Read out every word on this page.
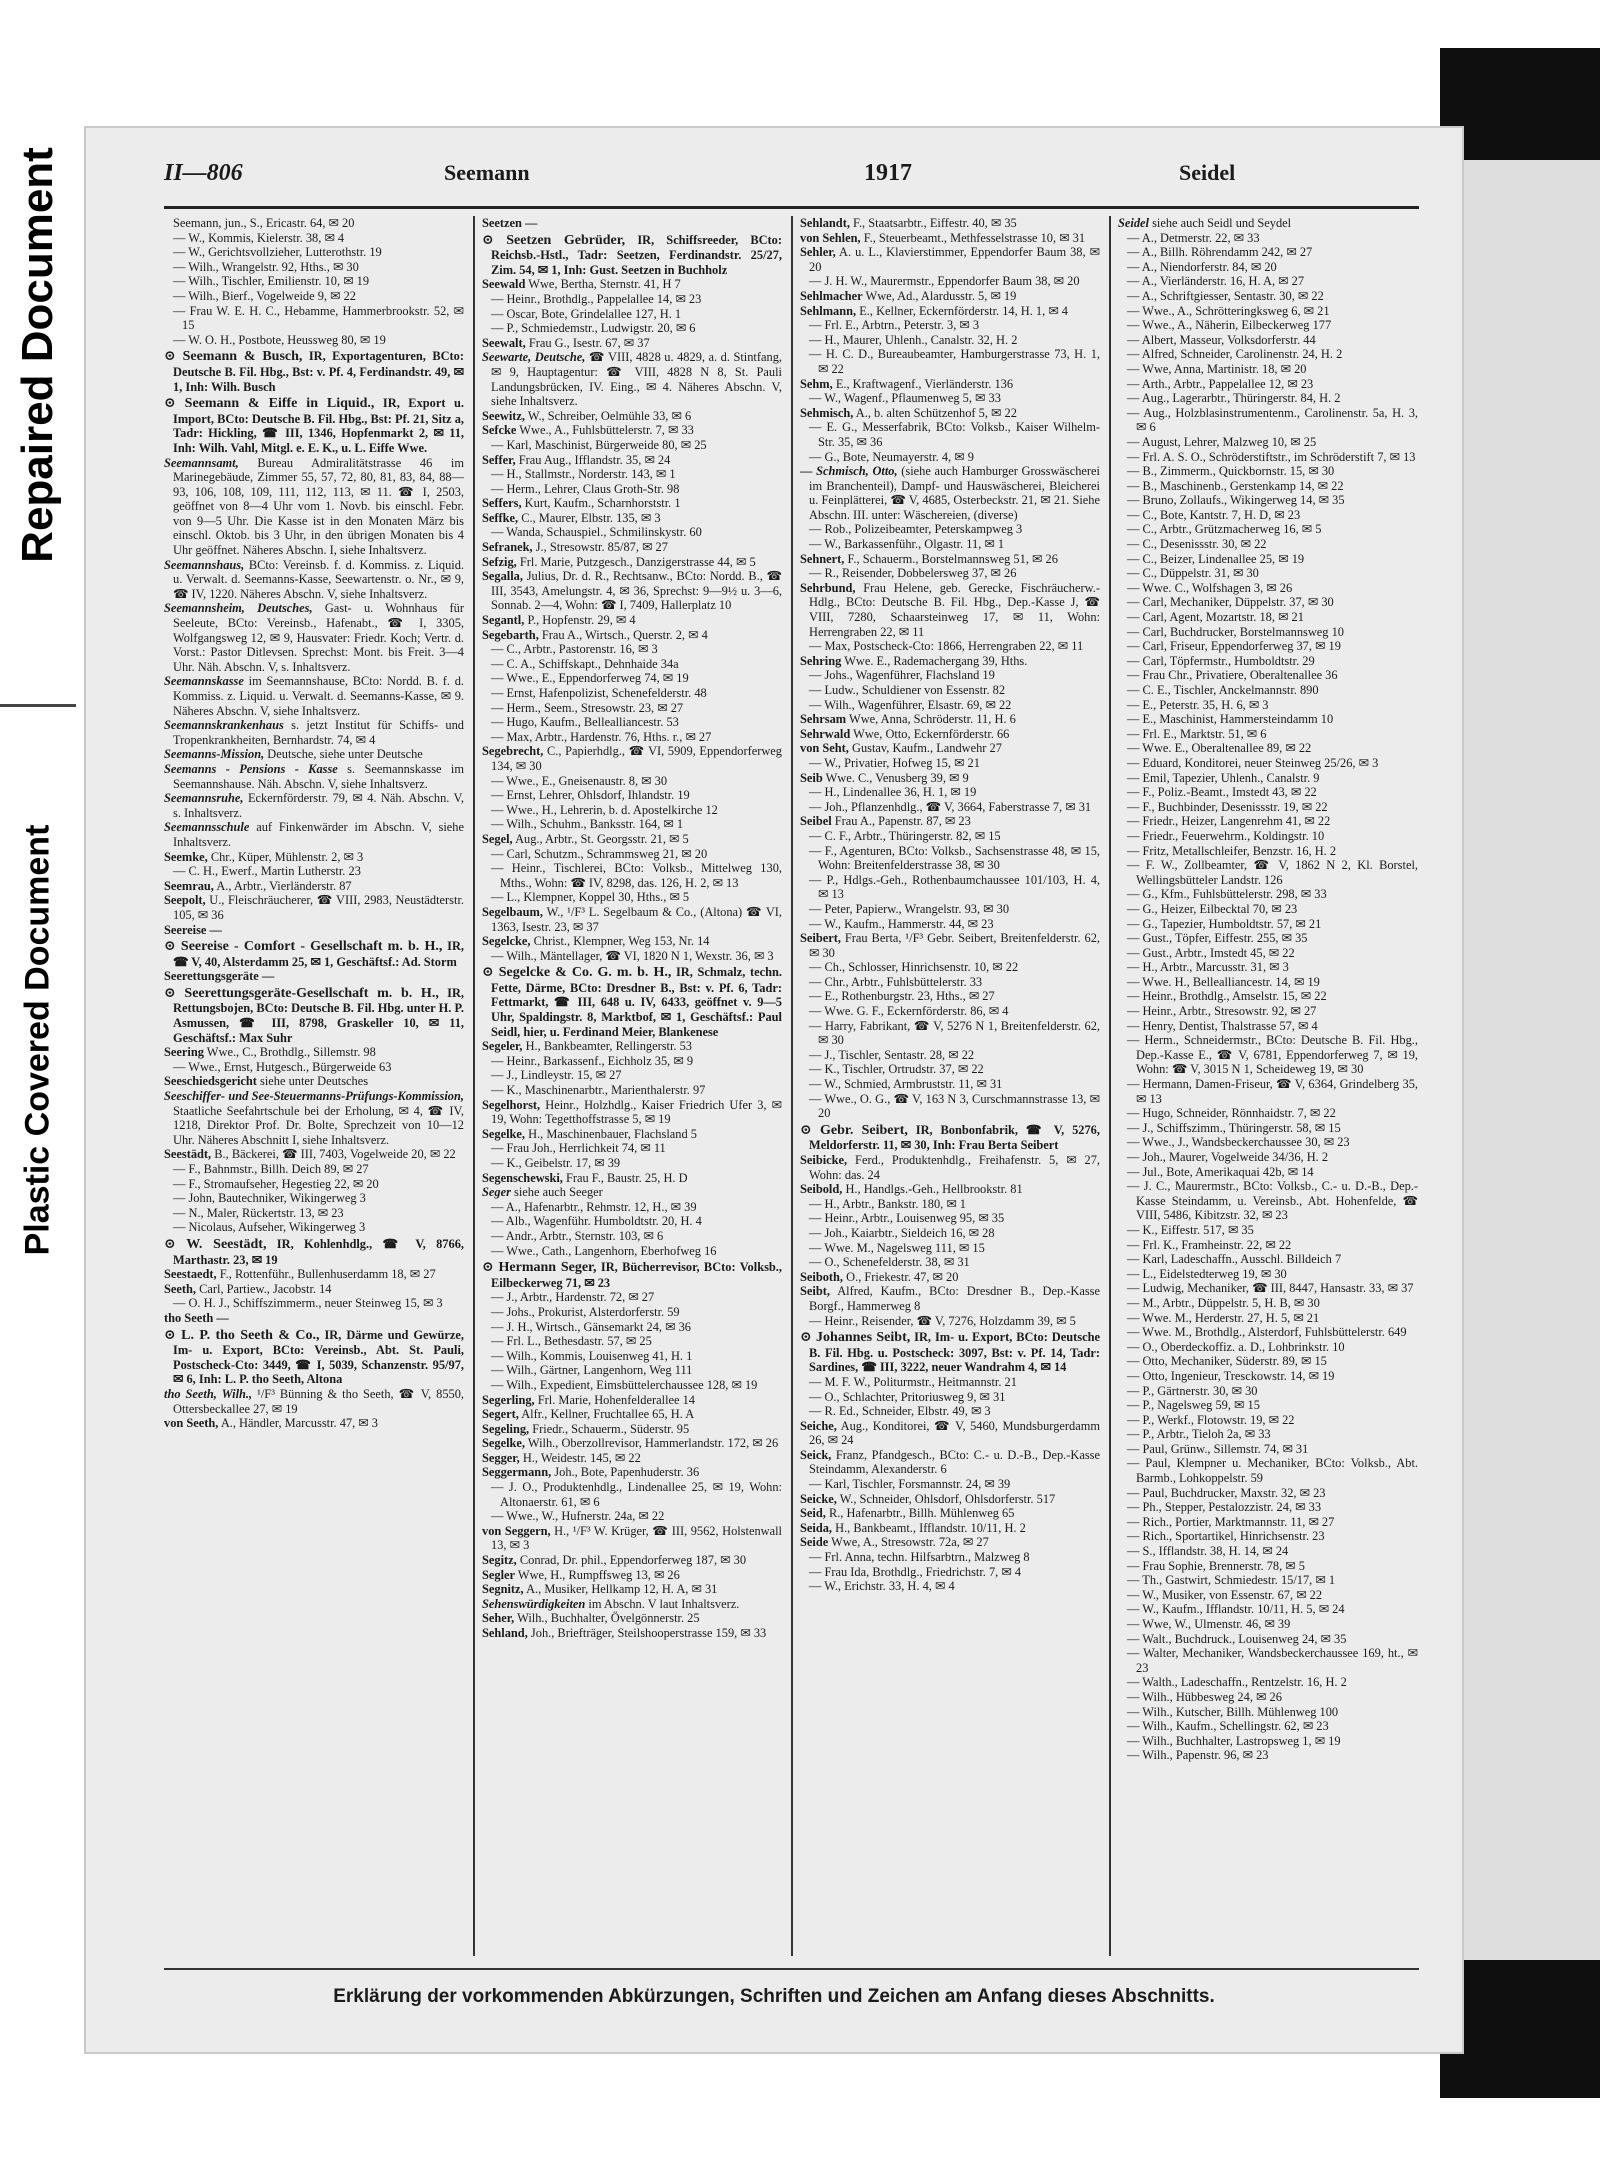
Repaired Document
Plastic Covered Document
II—806	Seemann	1917	Seidel

Seemann, jun., S., Ericastr. 64, ✉ 20

— W., Kommis, Kielerstr. 38, ✉ 4

— W., Gerichtsvollzieher, Lutterothstr. 19

— Wilh., Wrangelstr. 92, Hths., ✉ 30

— Wilh., Tischler, Emilienstr. 10, ✉ 19

— Wilh., Bierf., Vogelweide 9, ✉ 22

— Frau W. E. H. C., Hebamme, Hammerbrookstr. 52, ✉ 15

— W. O. H., Postbote, Heussweg 80, ✉ 19

⊙ Seemann & Busch, IR, Exportagenturen, BCto: Deutsche B. Fil. Hbg., Bst: v. Pf. 4, Ferdinandstr. 49, ✉ 1, Inh: Wilh. Busch

⊙ Seemann & Eiffe in Liquid., IR, Export u. Import, BCto: Deutsche B. Fil. Hbg., Bst: Pf. 21, Sitz a, Tadr: Hickling, ☎ III, 1346, Hopfenmarkt 2, ✉ 11, Inh: Wilh. Vahl, Mitgl. e. E. K., u. L. Eiffe Wwe.

Seemannsamt, Bureau Admiralitätstrasse 46 im Marinegebäude, Zimmer 55, 57, 72, 80, 81, 83, 84, 88—93, 106, 108, 109, 111, 112, 113, ✉ 11. ☎ I, 2503, geöffnet von 8—4 Uhr vom 1. Novb. bis einschl. Febr. von 9—5 Uhr. Die Kasse ist in den Monaten März bis einschl. Oktob. bis 3 Uhr, in den übrigen Monaten bis 4 Uhr geöffnet. Näheres Abschn. I, siehe Inhaltsverz.

Seemannshaus, BCto: Vereinsb. f. d. Kommiss. z. Liquid. u. Verwalt. d. Seemanns-Kasse, Seewartenstr. o. Nr., ✉ 9, ☎ IV, 1220. Näheres Abschn. V, siehe Inhaltsverz.

Seemannsheim, Deutsches, Gast- u. Wohnhaus für Seeleute, BCto: Vereinsb., Hafenabt., ☎ I, 3305, Wolfgangsweg 12, ✉ 9, Hausvater: Friedr. Koch; Vertr. d. Vorst.: Pastor Ditlevsen. Sprechst: Mont. bis Freit. 3—4 Uhr. Näh. Abschn. V, s. Inhaltsverz.

Seemannskasse im Seemannshause, BCto: Nordd. B. f. d. Kommiss. z. Liquid. u. Verwalt. d. Seemanns-Kasse, ✉ 9. Näheres Abschn. V, siehe Inhaltsverz.

Seemannskrankenhaus s. jetzt Institut für Schiffs- und Tropenkrankheiten, Bernhardstr. 74, ✉ 4

Seemanns-Mission, Deutsche, siehe unter Deutsche

Seemanns - Pensions - Kasse s. Seemannskasse im Seemannshause. Näh. Abschn. V, siehe Inhaltsverz.

Seemannsruhe, Eckernförderstr. 79, ✉ 4. Näh. Abschn. V, s. Inhaltsverz.

Seemannsschule auf Finkenwärder im Abschn. V, siehe Inhaltsverz.

Seemke, Chr., Küper, Mühlenstr. 2, ✉ 3

— C. H., Ewerf., Martin Lutherstr. 23

Seemrau, A., Arbtr., Vierländerstr. 87

Seepolt, U., Fleischräucherer, ☎ VIII, 2983, Neustädterstr. 105, ✉ 36

Seereise —

⊙ Seereise - Comfort - Gesellschaft m. b. H., IR, ☎ V, 40, Alsterdamm 25, ✉ 1, Geschäftsf.: Ad. Storm

Seerettungsgeräte —

⊙ Seerettungsgeräte-Gesellschaft m. b. H., IR, Rettungsbojen, BCto: Deutsche B. Fil. Hbg. unter H. P. Asmussen, ☎ III, 8798, Graskeller 10, ✉ 11, Geschäftsf.: Max Suhr

Seering Wwe., C., Brothdlg., Sillemstr. 98

— Wwe., Ernst, Hutgesch., Bürgerweide 63

Seeschiedsgericht siehe unter Deutsches

Seeschiffer- und See-Steuermanns-Prüfungs-Kommission, Staatliche Seefahrtschule bei der Erholung, ✉ 4, ☎ IV, 1218, Direktor Prof. Dr. Bolte, Sprechzeit von 10—12 Uhr. Näheres Abschnitt I, siehe Inhaltsverz.

Seestädt, B., Bäckerei, ☎ III, 7403, Vogelweide 20, ✉ 22

— F., Bahnmstr., Billh. Deich 89, ✉ 27

— F., Stromaufseher, Hegestieg 22, ✉ 20

— John, Bautechniker, Wikingerweg 3

— N., Maler, Rückertstr. 13, ✉ 23

— Nicolaus, Aufseher, Wikingerweg 3

⊙ W. Seestädt, IR, Kohlenhdlg., ☎ V, 8766, Marthastr. 23, ✉ 19

Seestaedt, F., Rottenführ., Bullenhuserdamm 18, ✉ 27

Seeth, Carl, Partiew., Jacobstr. 14

— O. H. J., Schiffszimmerm., neuer Steinweg 15, ✉ 3

tho Seeth —

⊙ L. P. tho Seeth & Co., IR, Därme und Gewürze, Im- u. Export, BCto: Vereinsb., Abt. St. Pauli, Postscheck-Cto: 3449, ☎ I, 5039, Schanzenstr. 95/97, ✉ 6, Inh: L. P. tho Seeth, Altona

tho Seeth, Wilh., ¹/F³ Bünning & tho Seeth, ☎ V, 8550, Ottersbeckallee 27, ✉ 19

von Seeth, A., Händler, Marcusstr. 47, ✉ 3

Seetzen —

⊙ Seetzen Gebrüder, IR, Schiffsreeder, BCto: Reichsb.-Hstl., Tadr: Seetzen, Ferdinandstr. 25/27, Zim. 54, ✉ 1, Inh: Gust. Seetzen in Buchholz

Seewald Wwe, Bertha, Sternstr. 41, H 7

— Heinr., Brothdlg., Pappelallee 14, ✉ 23

— Oscar, Bote, Grindelallee 127, H. 1

— P., Schmiedemstr., Ludwigstr. 20, ✉ 6

Seewalt, Frau G., Isestr. 67, ✉ 37

Seewarte, Deutsche, ☎ VIII, 4828 u. 4829, a. d. Stintfang, ✉ 9, Hauptagentur: ☎ VIII, 4828 N 8, St. Pauli Landungsbrücken, IV. Eing., ✉ 4. Näheres Abschn. V, siehe Inhaltsverz.

Seewitz, W., Schreiber, Oelmühle 33, ✉ 6

Sefcke Wwe., A., Fuhlsbüttelerstr. 7, ✉ 33

— Karl, Maschinist, Bürgerweide 80, ✉ 25

Seffer, Frau Aug., Ifflandstr. 35, ✉ 24

— H., Stallmstr., Norderstr. 143, ✉ 1

— Herm., Lehrer, Claus Groth-Str. 98

Seffers, Kurt, Kaufm., Scharnhorststr. 1

Seffke, C., Maurer, Elbstr. 135, ✉ 3

— Wanda, Schauspiel., Schmilinskystr. 60

Sefranek, J., Stresowstr. 85/87, ✉ 27

Sefzig, Frl. Marie, Putzgesch., Danzigerstrasse 44, ✉ 5

Segalla, Julius, Dr. d. R., Rechtsanw., BCto: Nordd. B., ☎ III, 3543, Amelungstr. 4, ✉ 36, Sprechst: 9—9½ u. 3—6, Sonnab. 2—4, Wohn: ☎ I, 7409, Hallerplatz 10

Segantl, P., Hopfenstr. 29, ✉ 4

Segebarth, Frau A., Wirtsch., Querstr. 2, ✉ 4

— C., Arbtr., Pastorenstr. 16, ✉ 3

— C. A., Schiffskapt., Dehnhaide 34a

— Wwe., E., Eppendorferweg 74, ✉ 19

— Ernst, Hafenpolizist, Schenefelderstr. 48

— Herm., Seem., Stresowstr. 23, ✉ 27

— Hugo, Kaufm., Bellealliancestr. 53

— Max, Arbtr., Hardenstr. 76, Hths. r., ✉ 27

Segebrecht, C., Papierhdlg., ☎ VI, 5909, Eppendorferweg 134, ✉ 30

— Wwe., E., Gneisenaustr. 8, ✉ 30

— Ernst, Lehrer, Ohlsdorf, Ihlandstr. 19

— Wwe., H., Lehrerin, b. d. Apostelkirche 12

— Wilh., Schuhm., Banksstr. 164, ✉ 1

Segel, Aug., Arbtr., St. Georgsstr. 21, ✉ 5

— Carl, Schutzm., Schrammsweg 21, ✉ 20

— Heinr., Tischlerei, BCto: Volksb., Mittelweg 130, Mths., Wohn: ☎ IV, 8298, das. 126, H. 2, ✉ 13

— L., Klempner, Koppel 30, Hths., ✉ 5

Segelbaum, W., ¹/F³ L. Segelbaum & Co., (Altona) ☎ VI, 1363, Isestr. 23, ✉ 37

Segelcke, Christ., Klempner, Weg 153, Nr. 14

— Wilh., Mäntellager, ☎ VI, 1820 N 1, Wexstr. 36, ✉ 3

⊙ Segelcke & Co. G. m. b. H., IR, Schmalz, techn. Fette, Därme, BCto: Dresdner B., Bst: v. Pf. 6, Tadr: Fettmarkt, ☎ III, 648 u. IV, 6433, geöffnet v. 9—5 Uhr, Spaldingstr. 8, Marktbof, ✉ 1, Geschäftsf.: Paul Seidl, hier, u. Ferdinand Meier, Blankenese

Segeler, H., Bankbeamter, Rellingerstr. 53

— Heinr., Barkassenf., Eichholz 35, ✉ 9

— J., Lindleystr. 15, ✉ 27

— K., Maschinenarbtr., Marienthalerstr. 97

Segelhorst, Heinr., Holzhdlg., Kaiser Friedrich Ufer 3, ✉ 19, Wohn: Tegetthoffstrasse 5, ✉ 19

Segelke, H., Maschinenbauer, Flachsland 5

— Frau Joh., Herrlichkeit 74, ✉ 11

— K., Geibelstr. 17, ✉ 39

Segenschewski, Frau F., Baustr. 25, H. D

Seger siehe auch Seeger

— A., Hafenarbtr., Rehmstr. 12, H., ✉ 39

— Alb., Wagenführ. Humboldtstr. 20, H. 4

— Andr., Arbtr., Sternstr. 103, ✉ 6

— Wwe., Cath., Langenhorn, Eberhofweg 16

⊙ Hermann Seger, IR, Bücherrevisor, BCto: Volksb., Eilbeckerweg 71, ✉ 23

— J., Arbtr., Hardenstr. 72, ✉ 27

— Johs., Prokurist, Alsterdorferstr. 59

— J. H., Wirtsch., Gänsemarkt 24, ✉ 36

— Frl. L., Bethesdastr. 57, ✉ 25

— Wilh., Kommis, Louisenweg 41, H. 1

— Wilh., Gärtner, Langenhorn, Weg 111

— Wilh., Expedient, Eimsbüttelerchaussee 128, ✉ 19

Segerling, Frl. Marie, Hohenfelderallee 14

Segert, Alfr., Kellner, Fruchtallee 65, H. A

Segeling, Friedr., Schauerm., Süderstr. 95

Segelke, Wilh., Oberzollrevisor, Hammerlandstr. 172, ✉ 26

Segger, H., Weidestr. 145, ✉ 22

Seggermann, Joh., Bote, Papenhuderstr. 36

— J. O., Produktenhdlg., Lindenallee 25, ✉ 19, Wohn: Altonaerstr. 61, ✉ 6

— Wwe., W., Hufnerstr. 24a, ✉ 22

von Seggern, H., ¹/F³ W. Krüger, ☎ III, 9562, Holstenwall 13, ✉ 3

Segitz, Conrad, Dr. phil., Eppendorferweg 187, ✉ 30

Segler Wwe, H., Rumpffsweg 13, ✉ 26

Segnitz, A., Musiker, Hellkamp 12, H. A, ✉ 31

Sehenswürdigkeiten im Abschn. V laut Inhaltsverz.

Seher, Wilh., Buchhalter, Övelgönnerstr. 25

Sehland, Joh., Briefträger, Steilshooperstrasse 159, ✉ 33

Sehlandt, F., Staatsarbtr., Eiffestr. 40, ✉ 35

von Sehlen, F., Steuerbeamt., Methfesselstrasse 10, ✉ 31

Sehler, A. u. L., Klavierstimmer, Eppendorfer Baum 38, ✉ 20

— J. H. W., Maurermstr., Eppendorfer Baum 38, ✉ 20

Sehlmacher Wwe, Ad., Alardusstr. 5, ✉ 19

Sehlmann, E., Kellner, Eckernförderstr. 14, H. 1, ✉ 4

— Frl. E., Arbtrn., Peterstr. 3, ✉ 3

— H., Maurer, Uhlenh., Canalstr. 32, H. 2

— H. C. D., Bureaubeamter, Hamburgerstrasse 73, H. 1, ✉ 22

Sehm, E., Kraftwagenf., Vierländerstr. 136

— W., Wagenf., Pflaumenweg 5, ✉ 33

Sehmisch, A., b. alten Schützenhof 5, ✉ 22

— E. G., Messerfabrik, BCto: Volksb., Kaiser Wilhelm-Str. 35, ✉ 36

— G., Bote, Neumayerstr. 4, ✉ 9

— Schmisch, Otto, (siehe auch Hamburger Grosswäscherei im Branchenteil), Dampf- und Hauswäscherei, Bleicherei u. Feinplätterei, ☎ V, 4685, Osterbeckstr. 21, ✉ 21. Siehe Abschn. III. unter: Wäschereien, (diverse)

— Rob., Polizeibeamter, Peterskampweg 3

— W., Barkassenführ., Olgastr. 11, ✉ 1

Sehnert, F., Schauerm., Borstelmannsweg 51, ✉ 26

— R., Reisender, Dobbelersweg 37, ✉ 26

Sehrbund, Frau Helene, geb. Gerecke, Fischräucherw.-Hdlg., BCto: Deutsche B. Fil. Hbg., Dep.-Kasse J, ☎ VIII, 7280, Schaarsteinweg 17, ✉ 11, Wohn: Herrengraben 22, ✉ 11

— Max, Postscheck-Cto: 1866, Herrengraben 22, ✉ 11

Sehring Wwe. E., Rademachergang 39, Hths.

— Johs., Wagenführer, Flachsland 19

— Ludw., Schuldiener von Essenstr. 82

— Wilh., Wagenführer, Elsastr. 69, ✉ 22

Sehrsam Wwe, Anna, Schröderstr. 11, H. 6

Sehrwald Wwe, Otto, Eckernförderstr. 66

von Seht, Gustav, Kaufm., Landwehr 27

— W., Privatier, Hofweg 15, ✉ 21

Seib Wwe. C., Venusberg 39, ✉ 9

— H., Lindenallee 36, H. 1, ✉ 19

— Joh., Pflanzenhdlg., ☎ V, 3664, Faberstrasse 7, ✉ 31

Seibel Frau A., Papenstr. 87, ✉ 23

— C. F., Arbtr., Thüringerstr. 82, ✉ 15

— F., Agenturen, BCto: Volksb., Sachsenstrasse 48, ✉ 15, Wohn: Breitenfelderstrasse 38, ✉ 30

— P., Hdlgs.-Geh., Rothenbaumchaussee 101/103, H. 4, ✉ 13

— Peter, Papierw., Wrangelstr. 93, ✉ 30

— W., Kaufm., Hammerstr. 44, ✉ 23

Seibert, Frau Berta, ¹/F³ Gebr. Seibert, Breitenfelderstr. 62, ✉ 30

— Ch., Schlosser, Hinrichsenstr. 10, ✉ 22

— Chr., Arbtr., Fuhlsbüttelerstr. 33

— E., Rothenburgstr. 23, Hths., ✉ 27

— Wwe. G. F., Eckernförderstr. 86, ✉ 4

— Harry, Fabrikant, ☎ V, 5276 N 1, Breitenfelderstr. 62, ✉ 30

— J., Tischler, Sentastr. 28, ✉ 22

— K., Tischler, Ortrudstr. 37, ✉ 22

— W., Schmied, Armbruststr. 11, ✉ 31

— Wwe., O. G., ☎ V, 163 N 3, Curschmannstrasse 13, ✉ 20

⊙ Gebr. Seibert, IR, Bonbonfabrik, ☎ V, 5276, Meldorferstr. 11, ✉ 30, Inh: Frau Berta Seibert

Seibicke, Ferd., Produktenhdlg., Freihafenstr. 5, ✉ 27, Wohn: das. 24

Seibold, H., Handlgs.-Geh., Hellbrookstr. 81

— H., Arbtr., Bankstr. 180, ✉ 1

— Heinr., Arbtr., Louisenweg 95, ✉ 35

— Joh., Kaiarbtr., Sieldeich 16, ✉ 28

— Wwe. M., Nagelsweg 111, ✉ 15

— O., Schenefelderstr. 38, ✉ 31

Seiboth, O., Friekestr. 47, ✉ 20

Seibt, Alfred, Kaufm., BCto: Dresdner B., Dep.-Kasse Borgf., Hammerweg 8

— Heinr., Reisender, ☎ V, 7276, Holzdamm 39, ✉ 5

⊙ Johannes Seibt, IR, Im- u. Export, BCto: Deutsche B. Fil. Hbg. u. Postscheck: 3097, Bst: v. Pf. 14, Tadr: Sardines, ☎ III, 3222, neuer Wandrahm 4, ✉ 14

— M. F. W., Politurmstr., Heitmannstr. 21

— O., Schlachter, Pritoriusweg 9, ✉ 31

— R. Ed., Schneider, Elbstr. 49, ✉ 3

Seiche, Aug., Konditorei, ☎ V, 5460, Mundsburgerdamm 26, ✉ 24

Seick, Franz, Pfandgesch., BCto: C.- u. D.-B., Dep.-Kasse Steindamm, Alexanderstr. 6

— Karl, Tischler, Forsmannstr. 24, ✉ 39

Seicke, W., Schneider, Ohlsdorf, Ohlsdorferstr. 517

Seid, R., Hafenarbtr., Billh. Mühlenweg 65

Seida, H., Bankbeamt., Ifflandstr. 10/11, H. 2

Seide Wwe, A., Stresowstr. 72a, ✉ 27

— Frl. Anna, techn. Hilfsarbtrn., Malzweg 8

— Frau Ida, Brothdlg., Friedrichstr. 7, ✉ 4

— W., Erichstr. 33, H. 4, ✉ 4

Seidel siehe auch Seidl und Seydel

— A., Detmerstr. 22, ✉ 33

— A., Billh. Röhrendamm 242, ✉ 27

— A., Niendorferstr. 84, ✉ 20

— A., Vierländerstr. 16, H. A, ✉ 27

— A., Schriftgiesser, Sentastr. 30, ✉ 22

— Wwe., A., Schrötteringksweg 6, ✉ 21

— Wwe., A., Näherin, Eilbeckerweg 177

— Albert, Masseur, Volksdorferstr. 44

— Alfred, Schneider, Carolinenstr. 24, H. 2

— Wwe, Anna, Martinistr. 18, ✉ 20

— Arth., Arbtr., Pappelallee 12, ✉ 23

— Aug., Lagerarbtr., Thüringerstr. 84, H. 2

— Aug., Holzblasinstrumentenm., Carolinenstr. 5a, H. 3, ✉ 6

— August, Lehrer, Malzweg 10, ✉ 25

— Frl. A. S. O., Schröderstiftstr., im Schröderstift 7, ✉ 13

— B., Zimmerm., Quickbornstr. 15, ✉ 30

— B., Maschinenb., Gerstenkamp 14, ✉ 22

— Bruno, Zollaufs., Wikingerweg 14, ✉ 35

— C., Bote, Kantstr. 7, H. D, ✉ 23

— C., Arbtr., Grützmacherweg 16, ✉ 5

— C., Desenissstr. 30, ✉ 22

— C., Beizer, Lindenallee 25, ✉ 19

— C., Düppelstr. 31, ✉ 30

— Wwe. C., Wolfshagen 3, ✉ 26

— Carl, Mechaniker, Düppelstr. 37, ✉ 30

— Carl, Agent, Mozartstr. 18, ✉ 21

— Carl, Buchdrucker, Borstelmannsweg 10

— Carl, Friseur, Eppendorferweg 37, ✉ 19

— Carl, Töpfermstr., Humboldtstr. 29

— Frau Chr., Privatiere, Oberaltenallee 36

— C. E., Tischler, Anckelmannstr. 890

— E., Peterstr. 35, H. 6, ✉ 3

— E., Maschinist, Hammersteindamm 10

— Frl. E., Marktstr. 51, ✉ 6

— Wwe. E., Oberaltenallee 89, ✉ 22

— Eduard, Konditorei, neuer Steinweg 25/26, ✉ 3

— Emil, Tapezier, Uhlenh., Canalstr. 9

— F., Poliz.-Beamt., Imstedt 43, ✉ 22

— F., Buchbinder, Desenissstr. 19, ✉ 22

— Friedr., Heizer, Langenrehm 41, ✉ 22

— Friedr., Feuerwehrm., Koldingstr. 10

— Fritz, Metallschleifer, Benzstr. 16, H. 2

— F. W., Zollbeamter, ☎ V, 1862 N 2, Kl. Borstel, Wellingsbütteler Landstr. 126

— G., Kfm., Fuhlsbüttelerstr. 298, ✉ 33

— G., Heizer, Eilbecktal 70, ✉ 23

— G., Tapezier, Humboldtstr. 57, ✉ 21

— Gust., Töpfer, Eiffestr. 255, ✉ 35

— Gust., Arbtr., Imstedt 45, ✉ 22

— H., Arbtr., Marcusstr. 31, ✉ 3

— Wwe. H., Bellealliancestr. 14, ✉ 19

— Heinr., Brothdlg., Amselstr. 15, ✉ 22

— Heinr., Arbtr., Stresowstr. 92, ✉ 27

— Henry, Dentist, Thalstrasse 57, ✉ 4

— Herm., Schneidermstr., BCto: Deutsche B. Fil. Hbg., Dep.-Kasse E., ☎ V, 6781, Eppendorferweg 7, ✉ 19, Wohn: ☎ V, 3015 N 1, Scheideweg 19, ✉ 30

— Hermann, Damen-Friseur, ☎ V, 6364, Grindelberg 35, ✉ 13

— Hugo, Schneider, Rönnhaidstr. 7, ✉ 22

— J., Schiffszimm., Thüringerstr. 58, ✉ 15

— Wwe., J., Wandsbeckerchaussee 30, ✉ 23

— Joh., Maurer, Vogelweide 34/36, H. 2

— Jul., Bote, Amerikaquai 42b, ✉ 14

— J. C., Maurermstr., BCto: Volksb., C.- u. D.-B., Dep.-Kasse Steindamm, u. Vereinsb., Abt. Hohenfelde, ☎ VIII, 5486, Kibitzstr. 32, ✉ 23

— K., Eiffestr. 517, ✉ 35

— Frl. K., Framheinstr. 22, ✉ 22

— Karl, Ladeschaffn., Ausschl. Billdeich 7

— L., Eidelstedterweg 19, ✉ 30

— Ludwig, Mechaniker, ☎ III, 8447, Hansastr. 33, ✉ 37

— M., Arbtr., Düppelstr. 5, H. B, ✉ 30

— Wwe. M., Herderstr. 27, H. 5, ✉ 21

— Wwe. M., Brothdlg., Alsterdorf, Fuhlsbüttelerstr. 649

— O., Oberdeckoffiz. a. D., Lohbrinkstr. 10

— Otto, Mechaniker, Süderstr. 89, ✉ 15

— Otto, Ingenieur, Tresckowstr. 14, ✉ 19

— P., Gärtnerstr. 30, ✉ 30

— P., Nagelsweg 59, ✉ 15

— P., Werkf., Flotowstr. 19, ✉ 22

— P., Arbtr., Tieloh 2a, ✉ 33

— Paul, Grünw., Sillemstr. 74, ✉ 31

— Paul, Klempner u. Mechaniker, BCto: Volksb., Abt. Barmb., Lohkoppelstr. 59

— Paul, Buchdrucker, Maxstr. 32, ✉ 23

— Ph., Stepper, Pestalozzistr. 24, ✉ 33

— Rich., Portier, Marktmannstr. 11, ✉ 27

— Rich., Sportartikel, Hinrichsenstr. 23

— S., Ifflandstr. 38, H. 14, ✉ 24

— Frau Sophie, Brennerstr. 78, ✉ 5

— Th., Gastwirt, Schmiedestr. 15/17, ✉ 1

— W., Musiker, von Essenstr. 67, ✉ 22

— W., Kaufm., Ifflandstr. 10/11, H. 5, ✉ 24

— Wwe, W., Ulmenstr. 46, ✉ 39

— Walt., Buchdruck., Louisenweg 24, ✉ 35

— Walter, Mechaniker, Wandsbeckerchaussee 169, ht., ✉ 23

— Walth., Ladeschaffn., Rentzelstr. 16, H. 2

— Wilh., Hübbesweg 24, ✉ 26

— Wilh., Kutscher, Billh. Mühlenweg 100

— Wilh., Kaufm., Schellingstr. 62, ✉ 23

— Wilh., Buchhalter, Lastropsweg 1, ✉ 19

— Wilh., Papenstr. 96, ✉ 23

Erklärung der vorkommenden Abkürzungen, Schriften und Zeichen am Anfang dieses Abschnitts.
